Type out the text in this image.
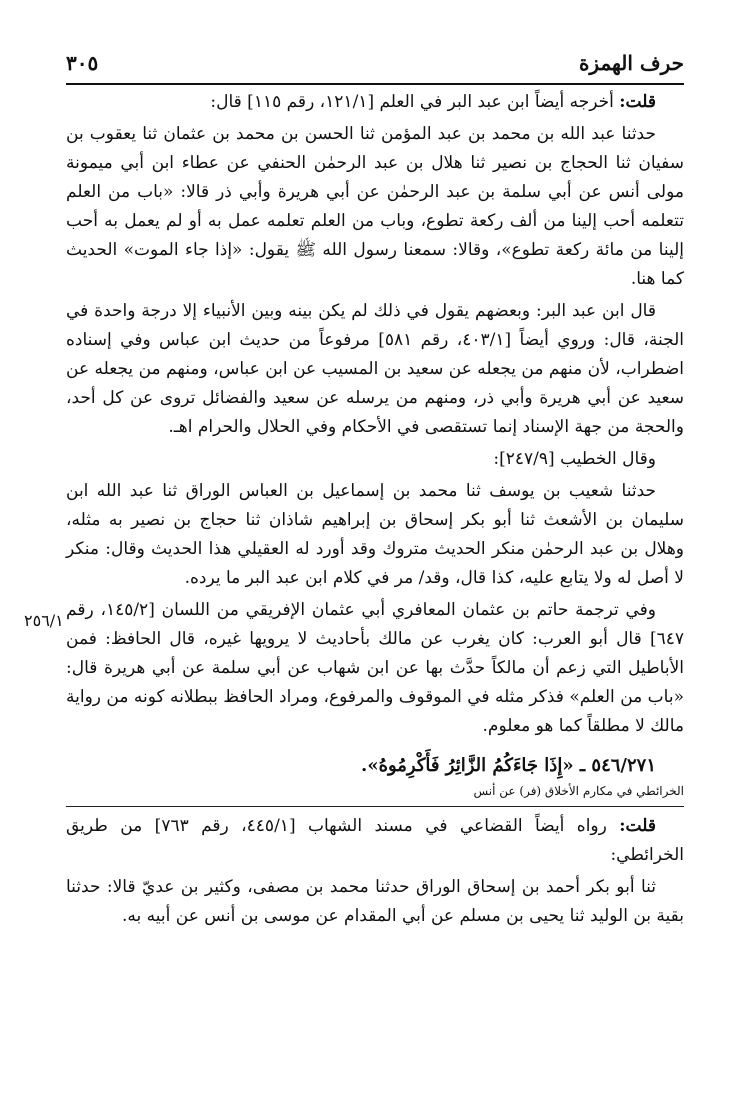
حرف الهمزة
٣٠٥

قلت: أخرجه أيضاً ابن عبد البر في العلم [١٢١/١، رقم ١١٥] قال:

حدثنا عبد الله بن محمد بن عبد المؤمن ثنا الحسن بن محمد بن عثمان ثنا يعقوب بن سفيان ثنا الحجاج بن نصير ثنا هلال بن عبد الرحمٰن الحنفي عن عطاء ابن أبي ميمونة مولى أنس عن أبي سلمة بن عبد الرحمٰن عن أبي هريرة وأبي ذر قالا: «باب من العلم تتعلمه أحب إلينا من ألف ركعة تطوع، وباب من العلم تعلمه عمل به أو لم يعمل به أحب إلينا من مائة ركعة تطوع»، وقالا: سمعنا رسول الله ﷺ يقول: «إذا جاء الموت» الحديث كما هنا.

قال ابن عبد البر: وبعضهم يقول في ذلك لم يكن بينه وبين الأنبياء إلا درجة واحدة في الجنة، قال: وروي أيضاً [٤٠٣/١، رقم ٥٨١] مرفوعاً من حديث ابن عباس وفي إسناده اضطراب، لأن منهم من يجعله عن سعيد بن المسيب عن ابن عباس، ومنهم من يجعله عن سعيد عن أبي هريرة وأبي ذر، ومنهم من يرسله عن سعيد والفضائل تروى عن كل أحد، والحجة من جهة الإسناد إنما تستقصى في الأحكام وفي الحلال والحرام اهـ.

وقال الخطيب [٢٤٧/٩]:

حدثنا شعيب بن يوسف ثنا محمد بن إسماعيل بن العباس الوراق ثنا عبد الله ابن سليمان بن الأشعث ثنا أبو بكر إسحاق بن إبراهيم شاذان ثنا حجاج بن نصير به مثله، وهلال بن عبد الرحمٰن منكر الحديث متروك وقد أورد له العقيلي هذا الحديث وقال: منكر لا أصل له ولا يتابع عليه، كذا قال، وقد/ مر في كلام ابن عبد البر ما يرده.

وفي ترجمة حاتم بن عثمان المعافري أبي عثمان الإفريقي من اللسان [١٤٥/٢، رقم ٦٤٧] قال أبو العرب: كان يغرب عن مالك بأحاديث لا يرويها غيره، قال الحافظ: فمن الأباطيل التي زعم أن مالكاً حدَّث بها عن ابن شهاب عن أبي سلمة عن أبي هريرة قال: «باب من العلم» فذكر مثله في الموقوف والمرفوع، ومراد الحافظ ببطلانه كونه من رواية مالك لا مطلقاً كما هو معلوم.

٥٤٦/٢٧١ ـ «إِذَا جَاءَكُمُ الزَّائِرُ فَأَكْرِمُوهُ».
الخرائطي في مكارم الأخلاق (فر) عن أنس

قلت: رواه أيضاً القضاعي في مسند الشهاب [٤٤٥/١، رقم ٧٦٣] من طريق الخرائطي:

ثنا أبو بكر أحمد بن إسحاق الوراق حدثنا محمد بن مصفى، وكثير بن عديّ قالا: حدثنا بقية بن الوليد ثنا يحيى بن مسلم عن أبي المقدام عن موسى بن أنس عن أبيه به.

٢٥٦/١
